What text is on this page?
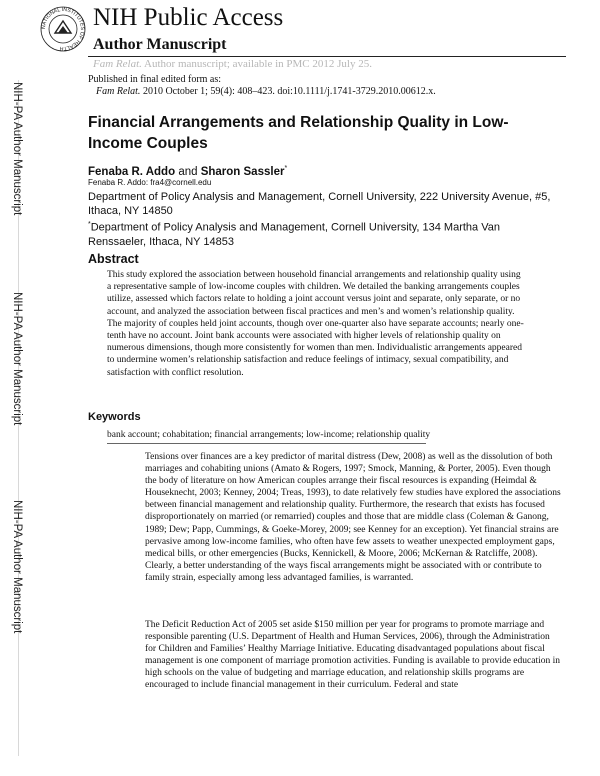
NATIONAL INSTITUTES OF HEALTH
NIH Public Access
Author Manuscript
Fam Relat. Author manuscript; available in PMC 2012 July 25.
Published in final edited form as:
Fam Relat. 2010 October 1; 59(4): 408–423. doi:10.1111/j.1741-3729.2010.00612.x.
NIH-PA Author Manuscript
NIH-PA Author Manuscript
NIH-PA Author Manuscript
Financial Arrangements and Relationship Quality in Low-Income Couples
Fenaba R. Addo and Sharon Sassler*
Fenaba R. Addo: fra4@cornell.edu
Department of Policy Analysis and Management, Cornell University, 222 University Avenue, #5, Ithaca, NY 14850
*Department of Policy Analysis and Management, Cornell University, 134 Martha Van Renssaeler, Ithaca, NY 14853
Abstract
This study explored the association between household financial arrangements and relationship quality using a representative sample of low-income couples with children. We detailed the banking arrangements couples utilize, assessed which factors relate to holding a joint account versus joint and separate, only separate, or no account, and analyzed the association between fiscal practices and men’s and women’s relationship quality. The majority of couples held joint accounts, though over one-quarter also have separate accounts; nearly one-tenth have no account. Joint bank accounts were associated with higher levels of relationship quality on numerous dimensions, though more consistently for women than men. Individualistic arrangements appeared to undermine women’s relationship satisfaction and reduce feelings of intimacy, sexual compatibility, and satisfaction with conflict resolution.
Keywords
bank account; cohabitation; financial arrangements; low-income; relationship quality
Tensions over finances are a key predictor of marital distress (Dew, 2008) as well as the dissolution of both marriages and cohabiting unions (Amato & Rogers, 1997; Smock, Manning, & Porter, 2005). Even though the body of literature on how American couples arrange their fiscal resources is expanding (Heimdal & Houseknecht, 2003; Kenney, 2004; Treas, 1993), to date relatively few studies have explored the associations between financial management and relationship quality. Furthermore, the research that exists has focused disproportionately on married (or remarried) couples and those that are middle class (Coleman & Ganong, 1989; Dew; Papp, Cummings, & Goeke-Morey, 2009; see Kenney for an exception). Yet financial strains are pervasive among low-income families, who often have few assets to weather unexpected employment gaps, medical bills, or other emergencies (Bucks, Kennickell, & Moore, 2006; McKernan & Ratcliffe, 2008). Clearly, a better understanding of the ways fiscal arrangements might be associated with or contribute to family strain, especially among less advantaged families, is warranted.
The Deficit Reduction Act of 2005 set aside $150 million per year for programs to promote marriage and responsible parenting (U.S. Department of Health and Human Services, 2006), through the Administration for Children and Families’ Healthy Marriage Initiative. Educating disadvantaged populations about fiscal management is one component of marriage promotion activities. Funding is available to provide education in high schools on the value of budgeting and marriage education, and relationship skills programs are encouraged to include financial management in their curriculum. Federal and state
